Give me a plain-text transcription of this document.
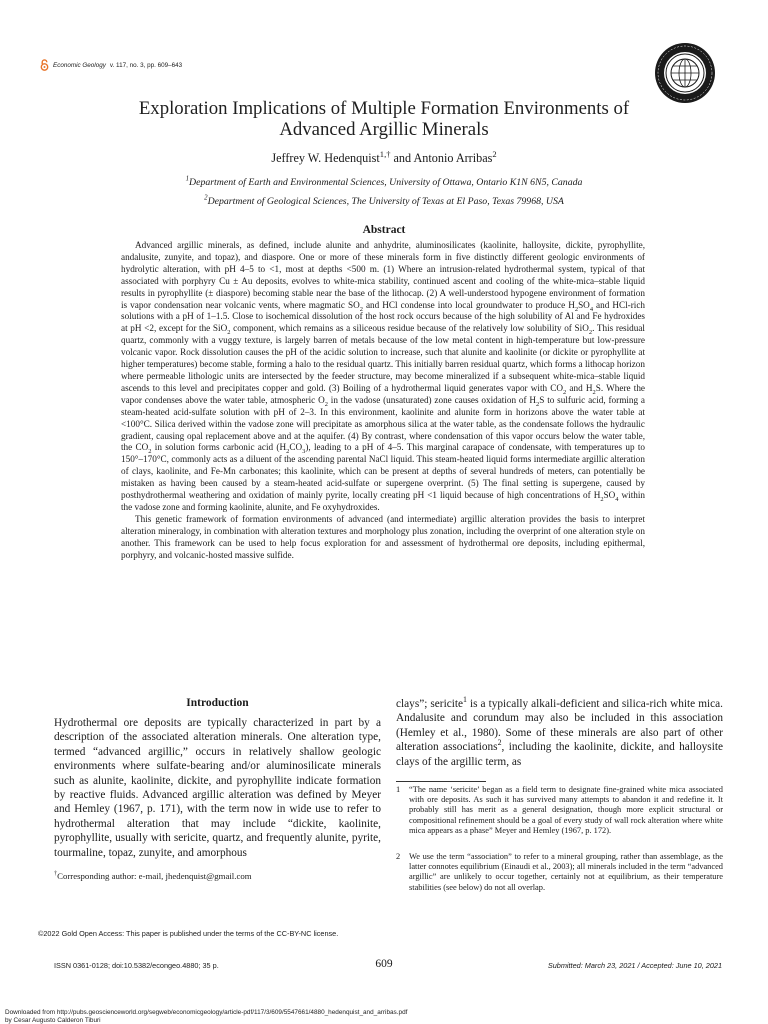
Economic Geology v. 117, no. 3, pp. 609–643
Exploration Implications of Multiple Formation Environments of
Advanced Argillic Minerals
Jeffrey W. Hedenquist$^{1,\dagger}$ and Antonio Arribas$^2$
$^1$Department of Earth and Environmental Sciences, University of Ottawa, Ontario K1N 6N5, Canada
$^2$Department of Geological Sciences, The University of Texas at El Paso, Texas 79968, USA
Abstract

Advanced argillic minerals, as defined, include alunite and anhydrite, aluminosilicates (kaolinite, halloysite, dickite, pyrophyllite, andalusite, zunyite, and topaz), and diaspore. One or more of these minerals form in five distinctly different geologic environments of hydrolytic alteration, with pH 4–5 to <1, most at depths <500 m. (1) Where an intrusion-related hydrothermal system, typical of that associated with porphyry Cu ± Au deposits, evolves to white-mica stability, continued ascent and cooling of the white-mica–stable liquid results in pyrophyllite (± diaspore) becoming stable near the base of the lithocap. (2) A well-understood hypogene environment of formation is vapor condensation near volcanic vents, where magmatic $SO_2$ and HCl condense into local groundwater to produce $H_2SO_4$ and HCl-rich solutions with a pH of 1–1.5. Close to isochemical dissolution of the host rock occurs because of the high solubility of Al and Fe hydroxides at pH <2, except for the SiO$_2$ component, which remains as a siliceous residue because of the relatively low solubility of SiO$_2$. This residual quartz, commonly with a vuggy texture, is largely barren of metals because of the low metal content in high-temperature but low-pressure volcanic vapor. Rock dissolution causes the pH of the acidic solution to increase, such that alunite and kaolinite (or dickite or pyrophyllite at higher temperatures) become stable, forming a halo to the residual quartz. This initially barren residual quartz, which forms a lithocap horizon where permeable lithologic units are intersected by the feeder structure, may become mineralized if a subsequent white-mica–stable liquid ascends to this level and precipitates copper and gold. (3) Boiling of a hydrothermal liquid generates vapor with $CO_2$ and $H_2S$. Where the vapor condenses above the water table, atmospheric $O_2$ in the vadose (unsaturated) zone causes oxidation of $H_2S$ to sulfuric acid, forming a steam-heated acid-sulfate solution with pH of 2–3. In this environment, kaolinite and alunite form in horizons above the water table at <100°C. Silica derived within the vadose zone will precipitate as amorphous silica at the water table, as the condensate follows the hydraulic gradient, causing opal replacement above and at the aquifer. (4) By contrast, where condensation of this vapor occurs below the water table, the $CO_2$ in solution forms carbonic acid $(H_2CO_3)$, leading to a pH of 4–5. This marginal carapace of condensate, with temperatures up to 150°–170°C, commonly acts as a diluent of the ascending parental NaCl liquid. This steam-heated liquid forms intermediate argillic alteration of clays, kaolinite, and Fe-Mn carbonates; this kaolinite, which can be present at depths of several hundreds of meters, can potentially be mistaken as having been caused by a steam-heated acid-sulfate or supergene overprint. (5) The final setting is supergene, caused by posthydrothermal weathering and oxidation of mainly pyrite, locally creating pH <1 liquid because of high concentrations of $H_2SO_4$ within the vadose zone and forming kaolinite, alunite, and Fe oxyhydroxides.

This genetic framework of formation environments of advanced (and intermediate) argillic alteration provides the basis to interpret alteration mineralogy, in combination with alteration textures and morphology plus zonation, including the overprint of one alteration style on another. This framework can be used to help focus exploration for and assessment of hydrothermal ore deposits, including epithermal, porphyry, and volcanic-hosted massive sulfide.

Introduction

Hydrothermal ore deposits are typically characterized in part by a description of the associated alteration minerals. One alteration type, termed “advanced argillic,” occurs in relatively shallow geologic environments where sulfate-bearing and/or aluminosilicate minerals such as alunite, kaolinite, dickite, and pyrophyllite indicate formation by reactive fluids. Advanced argillic alteration was defined by Meyer and Hemley (1967, p. 171), with the term now in wide use to refer to hydrothermal alteration that may include “dickite, kaolinite, pyrophyllite, usually with sericite, quartz, and frequently alunite, pyrite, tourmaline, topaz, zunyite, and amorphous

clays”; sericite$^1$ is a typically alkali-deficient and silica-rich white mica. Andalusite and corundum may also be included in this association (Hemley et al., 1980). Some of these minerals are also part of other alteration associations$^2$, including the kaolinite, dickite, and halloysite clays of the argillic term, as

1 “The name ‘sericite’ began as a field term to designate fine-grained white mica associated with ore deposits. As such it has survived many attempts to abandon it and redefine it. It probably still has merit as a general designation, though more explicit structural or compositional refinement should be a goal of every study of wall rock alteration where white mica appears as a phase” Meyer and Hemley (1967, p. 172).
2 We use the term “association” to refer to a mineral grouping, rather than assemblage, as the latter connotes equilibrium (Einaudi et al., 2003); all minerals included in the term “advanced argillic” are unlikely to occur together, certainly not at equilibrium, as their temperature stabilities (see below) do not all overlap.
†Corresponding author: e-mail, jhedenquist@gmail.com
©2022 Gold Open Access: This paper is published under the terms of the CC-BY-NC license.
ISSN 0361-0128; doi:10.5382/econgeo.4880; 35 p.	609	Submitted: March 23, 2021 / Accepted: June 10, 2021
Downloaded from http://pubs.geoscienceworld.org/segweb/economicgeology/article-pdf/117/3/609/5547661/4880_hedenquist_and_arribas.pdf
by Cesar Augusto Calderon Tiburi
